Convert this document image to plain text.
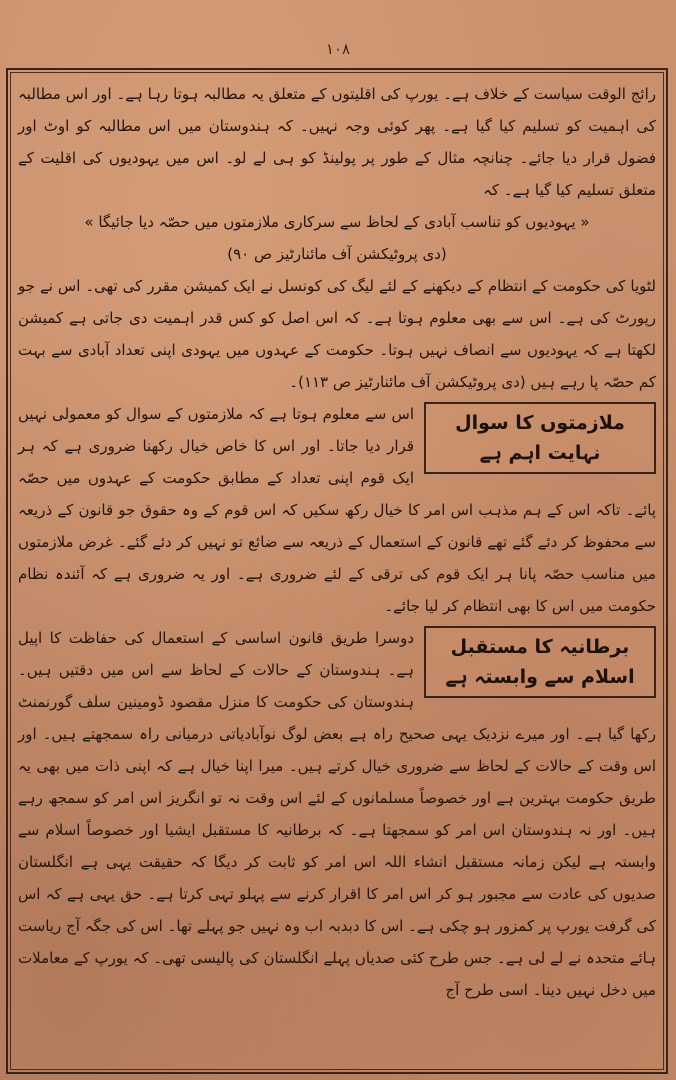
١٠٨

رائج الوقت سیاست کے خلاف ہے۔ یورپ کی اقلیتوں کے متعلق یہ مطالبہ ہوتا رہا ہے۔ اور اس مطالبہ کی اہمیت کو تسلیم کیا گیا ہے۔ پھر کوئی وجہ نہیں۔ کہ ہندوستان میں اس مطالبہ کو اوٹ اور فضول قرار دیا جائے۔ چنانچہ مثال کے طور پر پولینڈ کو ہی لے لو۔ اس میں یہودیوں کی اقلیت کے متعلق تسلیم کیا گیا ہے۔ کہ

« یہودیوں کو تناسب آبادی کے لحاظ سے سرکاری ملازمتوں میں حصّہ دیا جائیگا »

(دی پروٹیکشن آف مائنارٹیز ص ۹۰)

لٹویا کی حکومت کے انتظام کے دیکھنے کے لئے لیگ کی کونسل نے ایک کمیشن مقرر کی تھی۔ اس نے جو رپورٹ کی ہے۔ اس سے بھی معلوم ہوتا ہے۔ کہ اس اصل کو کس قدر اہمیت دی جاتی ہے کمیشن لکھتا ہے کہ یہودیوں سے انصاف نہیں ہوتا۔ حکومت کے عہدوں میں یہودی اپنی تعداد آبادی سے بہت کم حصّہ پا رہے ہیں (دی پروٹیکشن آف مائنارٹیز ص ۱۱۳)۔

ملازمتوں کا سوال نہایت اہم ہے

اس سے معلوم ہوتا ہے کہ ملازمتوں کے سوال کو معمولی نہیں قرار دیا جاتا۔ اور اس کا خاص خیال رکھنا ضروری ہے کہ ہر ایک قوم اپنی تعداد کے مطابق حکومت کے عہدوں میں حصّہ پائے۔ تاکہ اس کے ہم مذہب اس امر کا خیال رکھ سکیں کہ اس قوم کے وہ حقوق جو قانون کے ذریعہ سے محفوظ کر دئے گئے تھے قانون کے استعمال کے ذریعہ سے ضائع تو نہیں کر دئے گئے۔ غرض ملازمتوں میں مناسب حصّہ پانا ہر ایک قوم کی ترقی کے لئے ضروری ہے۔ اور یہ ضروری ہے کہ آئندہ نظام حکومت میں اس کا بھی انتظام کر لیا جائے۔

برطانیہ کا مستقبل اسلام سے وابستہ ہے

دوسرا طریق قانون اساسی کے استعمال کی حفاظت کا اپیل ہے۔ ہندوستان کے حالات کے لحاظ سے اس میں دقتیں ہیں۔ ہندوستان کی حکومت کا منزل مقصود ڈومینین سلف گورنمنٹ رکھا گیا ہے۔ اور میرے نزدیک یہی صحیح راہ ہے بعض لوگ نوآبادیاتی درمیانی راہ سمجھتے ہیں۔ اور اس وقت کے حالات کے لحاظ سے ضروری خیال کرتے ہیں۔ میرا اپنا خیال ہے کہ اپنی ذات میں بھی یہ طریق حکومت بہترین ہے اور خصوصاً مسلمانوں کے لئے اس وقت نہ تو انگریز اس امر کو سمجھ رہے ہیں۔ اور نہ ہندوستان اس امر کو سمجھتا ہے۔ کہ برطانیہ کا مستقبل ایشیا اور خصوصاً اسلام سے وابستہ ہے لیکن زمانہ مستقبل انشاء اللہ اس امر کو ثابت کر دیگا کہ حقیقت یہی ہے انگلستان صدیوں کی عادت سے مجبور ہو کر اس امر کا اقرار کرنے سے پہلو تہی کرتا ہے۔ حق یہی ہے کہ اس کی گرفت یورپ پر کمزور ہو چکی ہے۔ اس کا دبدبہ اب وہ نہیں جو پہلے تھا۔ اس کی جگہ آج ریاست ہائے متحدہ نے لے لی ہے۔ جس طرح کئی صدیاں پہلے انگلستان کی پالیسی تھی۔ کہ یورپ کے معاملات میں دخل نہیں دینا۔ اسی طرح آج
